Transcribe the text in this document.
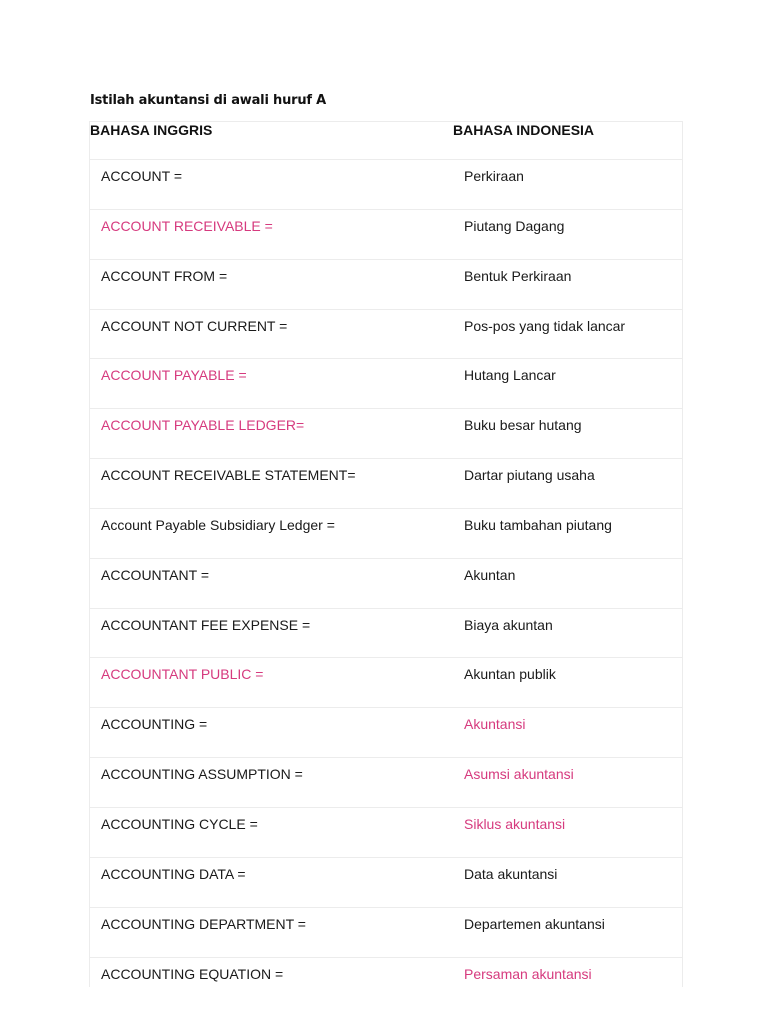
Istilah akuntansi di awali huruf A
BAHASA INGGRIS	BAHASA INDONESIA
ACCOUNT =	Perkiraan
ACCOUNT RECEIVABLE =	Piutang Dagang
ACCOUNT FROM =	Bentuk Perkiraan
ACCOUNT NOT CURRENT =	Pos-pos yang tidak lancar
ACCOUNT PAYABLE =	Hutang Lancar
ACCOUNT PAYABLE LEDGER=	Buku besar hutang
ACCOUNT RECEIVABLE STATEMENT=	Dartar piutang usaha
Account Payable Subsidiary Ledger =	Buku tambahan piutang
ACCOUNTANT =	Akuntan
ACCOUNTANT FEE EXPENSE =	Biaya akuntan
ACCOUNTANT PUBLIC =	Akuntan publik
ACCOUNTING =	Akuntansi
ACCOUNTING ASSUMPTION =	Asumsi akuntansi
ACCOUNTING CYCLE =	Siklus akuntansi
ACCOUNTING DATA =	Data akuntansi
ACCOUNTING DEPARTMENT =	Departemen akuntansi
ACCOUNTING EQUATION =	Persaman akuntansi
